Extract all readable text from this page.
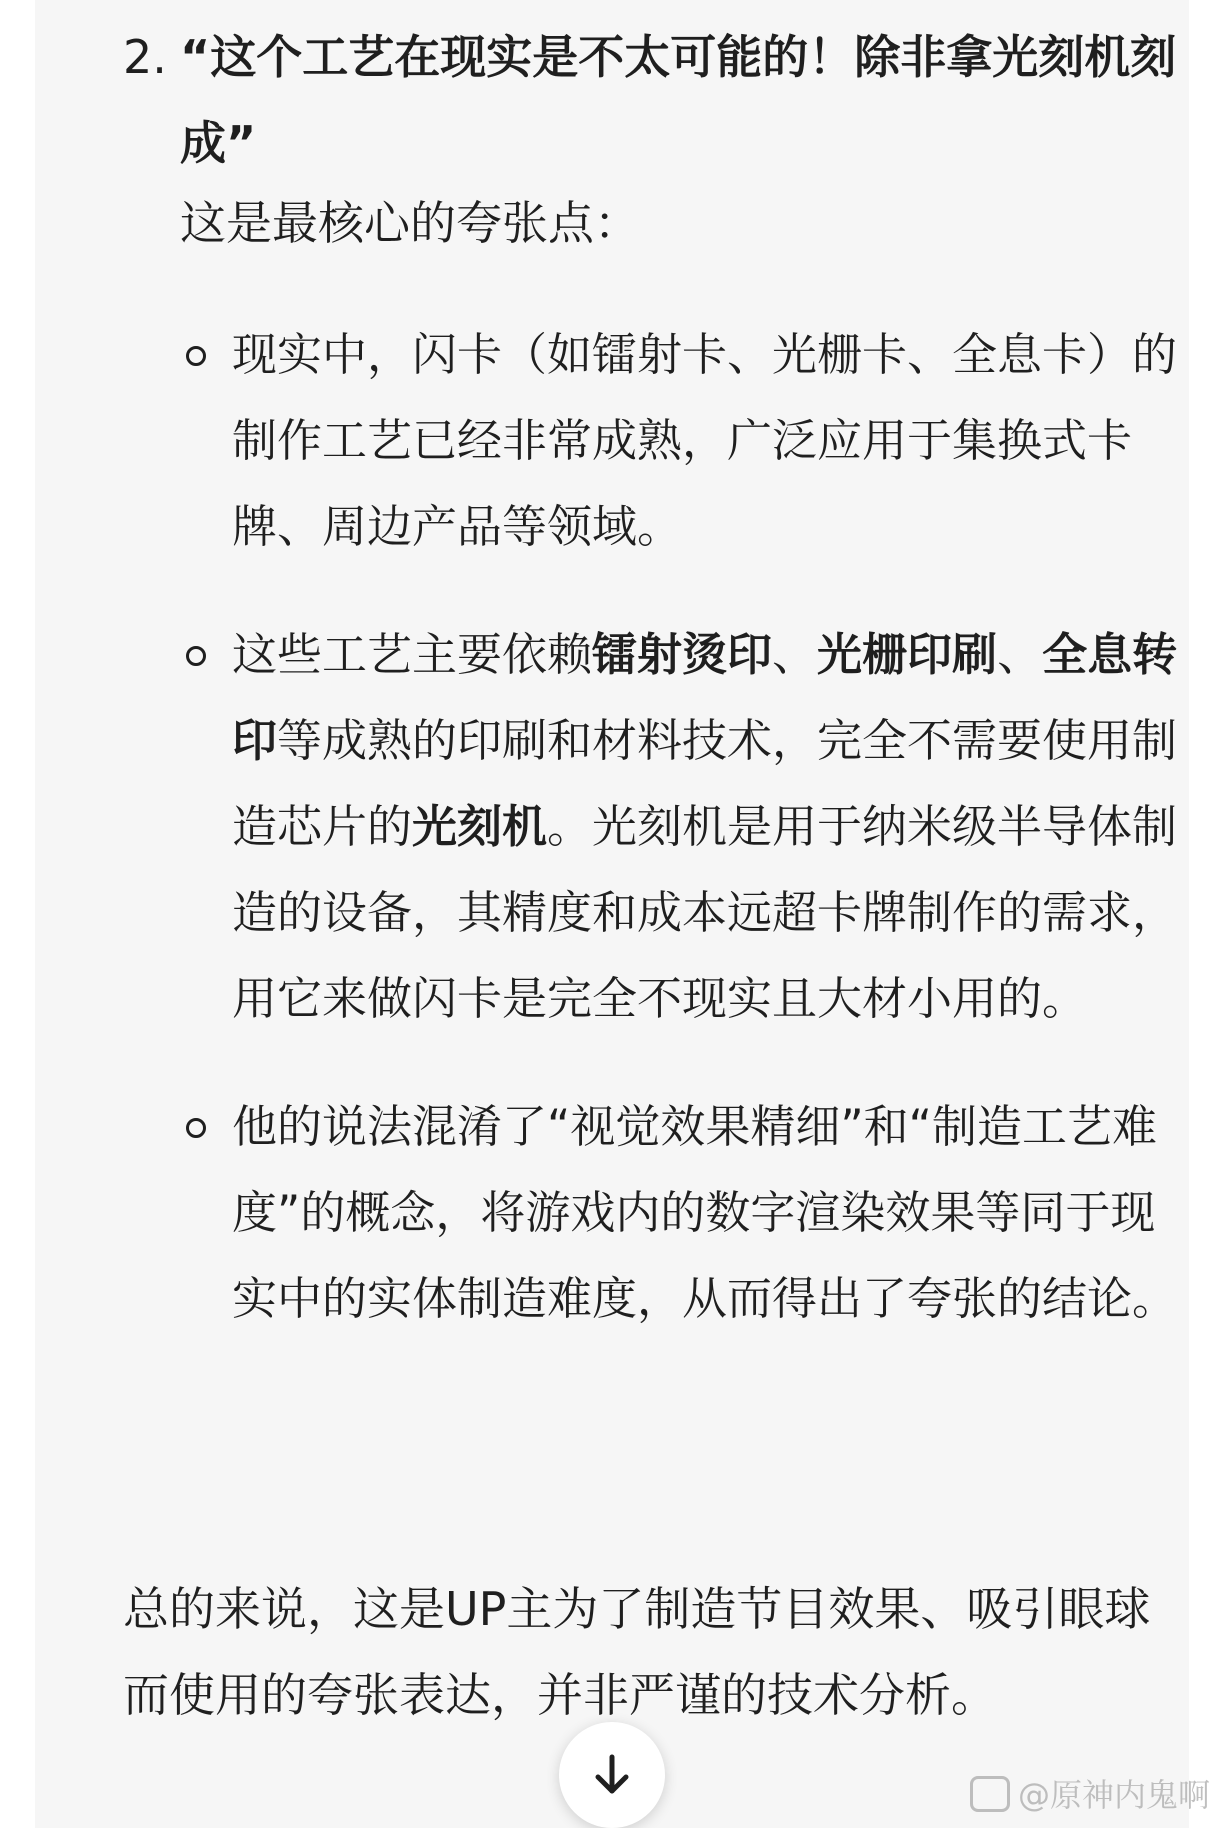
2. “这个工艺在现实是不太可能的！除非拿光刻机刻成”
这是最核心的夸张点：
现实中，闪卡（如镭射卡、光栅卡、全息卡）的制作工艺已经非常成熟，广泛应用于集换式卡牌、周边产品等领域。
这些工艺主要依赖镭射烫印、光栅印刷、全息转印等成熟的印刷和材料技术，完全不需要使用制造芯片的光刻机。光刻机是用于纳米级半导体制造的设备，其精度和成本远超卡牌制作的需求，用它来做闪卡是完全不现实且大材小用的。
他的说法混淆了“视觉效果精细”和“制造工艺难度”的概念，将游戏内的数字渲染效果等同于现实中的实体制造难度，从而得出了夸张的结论。
总的来说，这是UP主为了制造节目效果、吸引眼球而使用的夸张表达，并非严谨的技术分析。
@原神内鬼啊
